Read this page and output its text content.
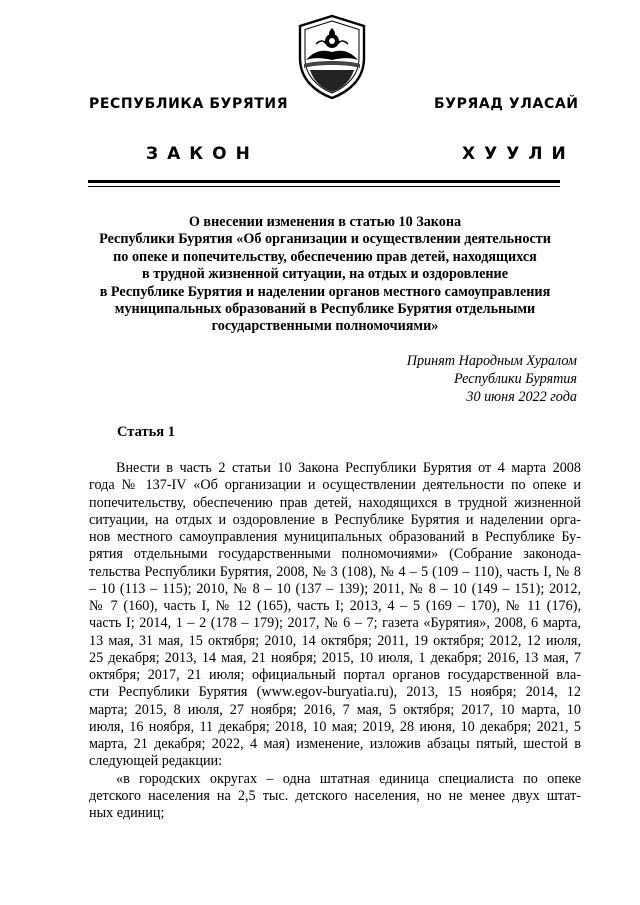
РЕСПУБЛИКА БУРЯТИЯ	БУРЯАД УЛАСАЙ
ЗАКОН	ХУУЛИ
О внесении изменения в статью 10 Закона
Республики Бурятия «Об организации и осуществлении деятельности
по опеке и попечительству, обеспечению прав детей, находящихся
в трудной жизненной ситуации, на отдых и оздоровление
в Республике Бурятия и наделении органов местного самоуправления
муниципальных образований в Республике Бурятия отдельными
государственными полномочиями»
Принят Народным Хуралом
Республики Бурятия
30 июня 2022 года
Статья 1
Внести в часть 2 статьи 10 Закона Республики Бурятия от 4 марта 2008
года № 137-IV «Об организации и осуществлении деятельности по опеке и
попечительству, обеспечению прав детей, находящихся в трудной жизненной
ситуации, на отдых и оздоровление в Республике Бурятия и наделении орга-
нов местного самоуправления муниципальных образований в Республике Бу-
рятия отдельными государственными полномочиями» (Собрание законода-
тельства Республики Бурятия, 2008, № 3 (108), № 4 – 5 (109 – 110), часть I, № 8
– 10 (113 – 115); 2010, № 8 – 10 (137 – 139); 2011, № 8 – 10 (149 – 151); 2012,
№ 7 (160), часть I, № 12 (165), часть I; 2013, 4 – 5 (169 – 170), № 11 (176),
часть I; 2014, 1 – 2 (178 – 179); 2017, № 6 – 7; газета «Бурятия», 2008, 6 марта,
13 мая, 31 мая, 15 октября; 2010, 14 октября; 2011, 19 октября; 2012, 12 июля,
25 декабря; 2013, 14 мая, 21 ноября; 2015, 10 июля, 1 декабря; 2016, 13 мая, 7
октября; 2017, 21 июля; официальный портал органов государственной вла-
сти Республики Бурятия (www.egov-buryatia.ru), 2013, 15 ноября; 2014, 12
марта; 2015, 8 июля, 27 ноября; 2016, 7 мая, 5 октября; 2017, 10 марта, 10
июля, 16 ноября, 11 декабря; 2018, 10 мая; 2019, 28 июня, 10 декабря; 2021, 5
марта, 21 декабря; 2022, 4 мая) изменение, изложив абзацы пятый, шестой в
следующей редакции:
«в городских округах – одна штатная единица специалиста по опеке
детского населения на 2,5 тыс. детского населения, но не менее двух штат-
ных единиц;
